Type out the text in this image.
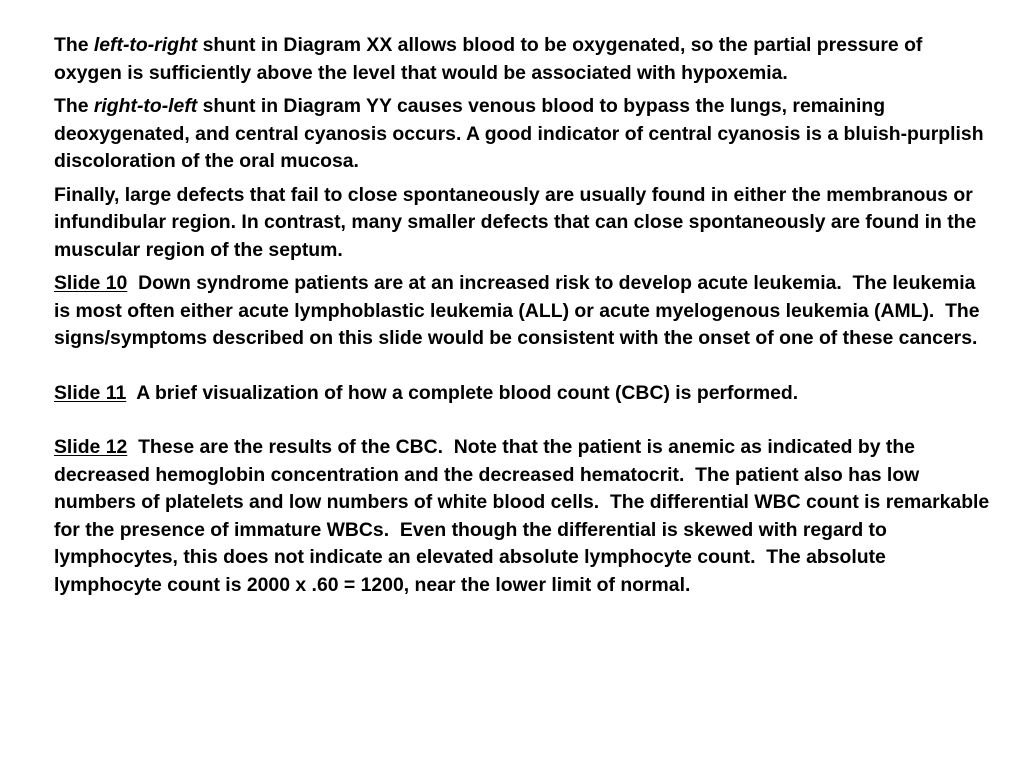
The left-to-right shunt in Diagram XX allows blood to be oxygenated, so the partial pressure of oxygen is sufficiently above the level that would be associated with hypoxemia.

The right-to-left shunt in Diagram YY causes venous blood to bypass the lungs, remaining deoxygenated, and central cyanosis occurs. A good indicator of central cyanosis is a bluish-purplish discoloration of the oral mucosa.

Finally, large defects that fail to close spontaneously are usually found in either the membranous or infundibular region. In contrast, many smaller defects that can close spontaneously are found in the muscular region of the septum.

Slide 10  Down syndrome patients are at an increased risk to develop acute leukemia.  The leukemia is most often either acute lymphoblastic leukemia (ALL) or acute myelogenous leukemia (AML).  The signs/symptoms described on this slide would be consistent with the onset of one of these cancers.

Slide 11  A brief visualization of how a complete blood count (CBC) is performed.

Slide 12  These are the results of the CBC.  Note that the patient is anemic as indicated by the decreased hemoglobin concentration and the decreased hematocrit.  The patient also has low numbers of platelets and low numbers of white blood cells.  The differential WBC count is remarkable for the presence of immature WBCs.  Even though the differential is skewed with regard to lymphocytes, this does not indicate an elevated absolute lymphocyte count.  The absolute lymphocyte count is 2000 x .60 = 1200, near the lower limit of normal.
